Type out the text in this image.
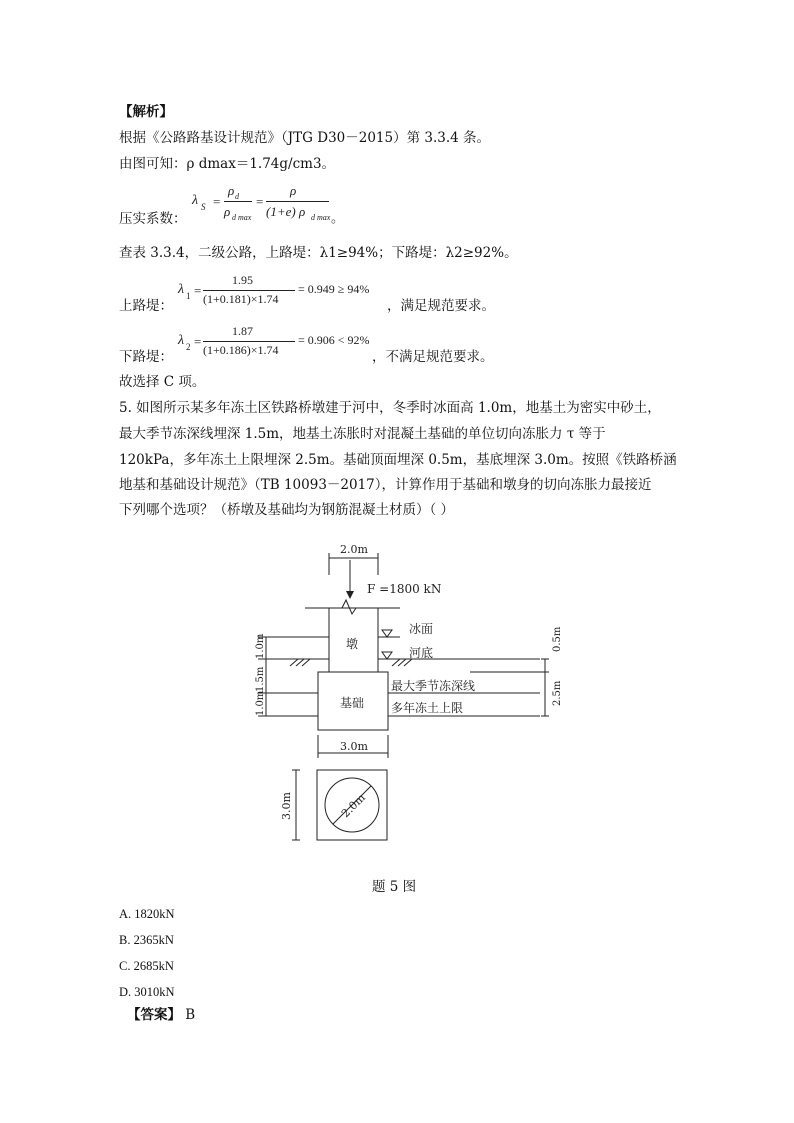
【解析】
根据《公路路基设计规范》（JTG D30－2015）第 3.3.4 条。
由图可知：ρ dmax＝1.74g/cm3。
压实系数：
λ S =
ρ d
ρ d max
=
ρ
(1+e) ρ d max 。
查表 3.3.4，二级公路，上路堤：λ1≥94%；下路堤：λ2≥92%。
上路堤：
λ 1 =
1.95
(1+0.181)×1.74
= 0.949 ≥ 94%
，满足规范要求。
下路堤：
λ 2 =
1.87
(1+0.186)×1.74
= 0.906 < 92%
，不满足规范要求。
故选择 C 项。
5. 如图所示某多年冻土区铁路桥墩建于河中，冬季时冰面高 1.0m，地基土为密实中砂土，
最大季节冻深线埋深 1.5m，地基土冻胀时对混凝土基础的单位切向冻胀力 τ 等于
120kPa，多年冻土上限埋深 2.5m。基础顶面埋深 0.5m，基底埋深 3.0m。按照《铁路桥涵
地基和基础设计规范》（TB 10093－2017），计算作用于基础和墩身的切向冻胀力最接近
下列哪个选项？（桥墩及基础均为钢筋混凝土材质）（ ）
2.0m
F =1800 kN
墩
冰面
河底
基础
最大季节冻深线
多年冻土上限
3.0m
1.0m
1.5m
1.0m
0.5m
2.5m
3.0m	2.0m
题 5 图
A. 1820kN
B. 2365kN
C. 2685kN
D. 3010kN
【答案】 B
